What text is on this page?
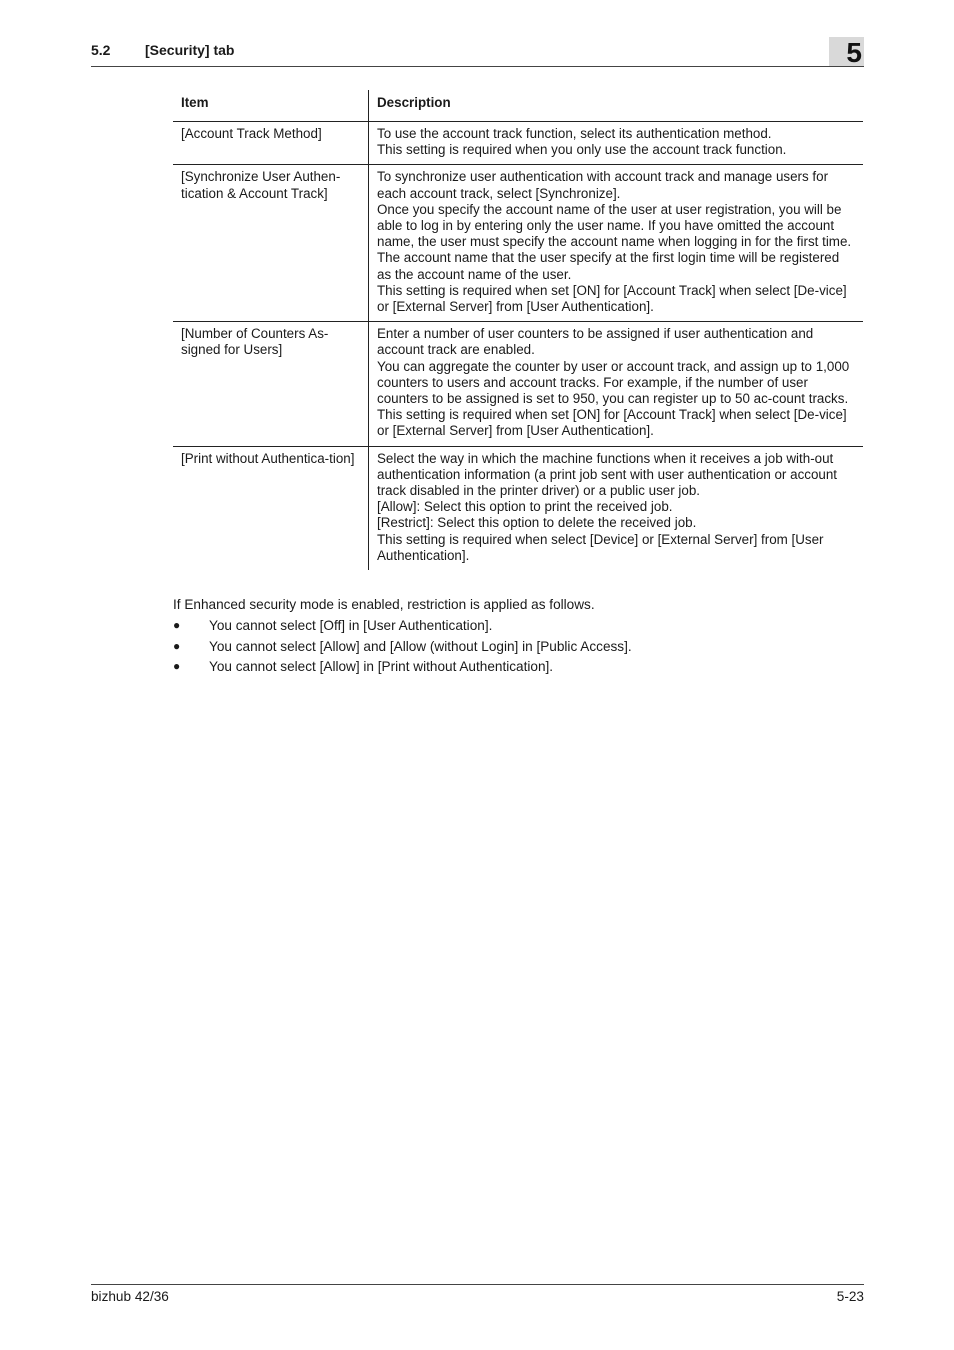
5.2 [Security] tab	5
Item	Description
[Account Track Method]	To use the account track function, select its authentication method.
This setting is required when you only use the account track function.

[Synchronize User Authen-tication & Account Track]	To synchronize user authentication with account track and manage users for each account track, select [Synchronize].
Once you specify the account name of the user at user registration, you will be able to log in by entering only the user name. If you have omitted the account name, the user must specify the account name when logging in for the first time. The account name that the user specify at the first login time will be registered as the account name of the user.
This setting is required when set [ON] for [Account Track] when select [De-vice] or [External Server] from [User Authentication].

[Number of Counters As-signed for Users]	Enter a number of user counters to be assigned if user authentication and account track are enabled.
You can aggregate the counter by user or account track, and assign up to 1,000 counters to users and account tracks. For example, if the number of user counters to be assigned is set to 950, you can register up to 50 ac-count tracks.
This setting is required when set [ON] for [Account Track] when select [De-vice] or [External Server] from [User Authentication].

[Print without Authentica-tion]	Select the way in which the machine functions when it receives a job with-out authentication information (a print job sent with user authentication or account track disabled in the printer driver) or a public user job.
[Allow]: Select this option to print the received job.
[Restrict]: Select this option to delete the received job.
This setting is required when select [Device] or [External Server] from [User Authentication].
If Enhanced security mode is enabled, restriction is applied as follows.
● You cannot select [Off] in [User Authentication].
● You cannot select [Allow] and [Allow (without Login] in [Public Access].
● You cannot select [Allow] in [Print without Authentication].
bizhub 42/36	5-23
